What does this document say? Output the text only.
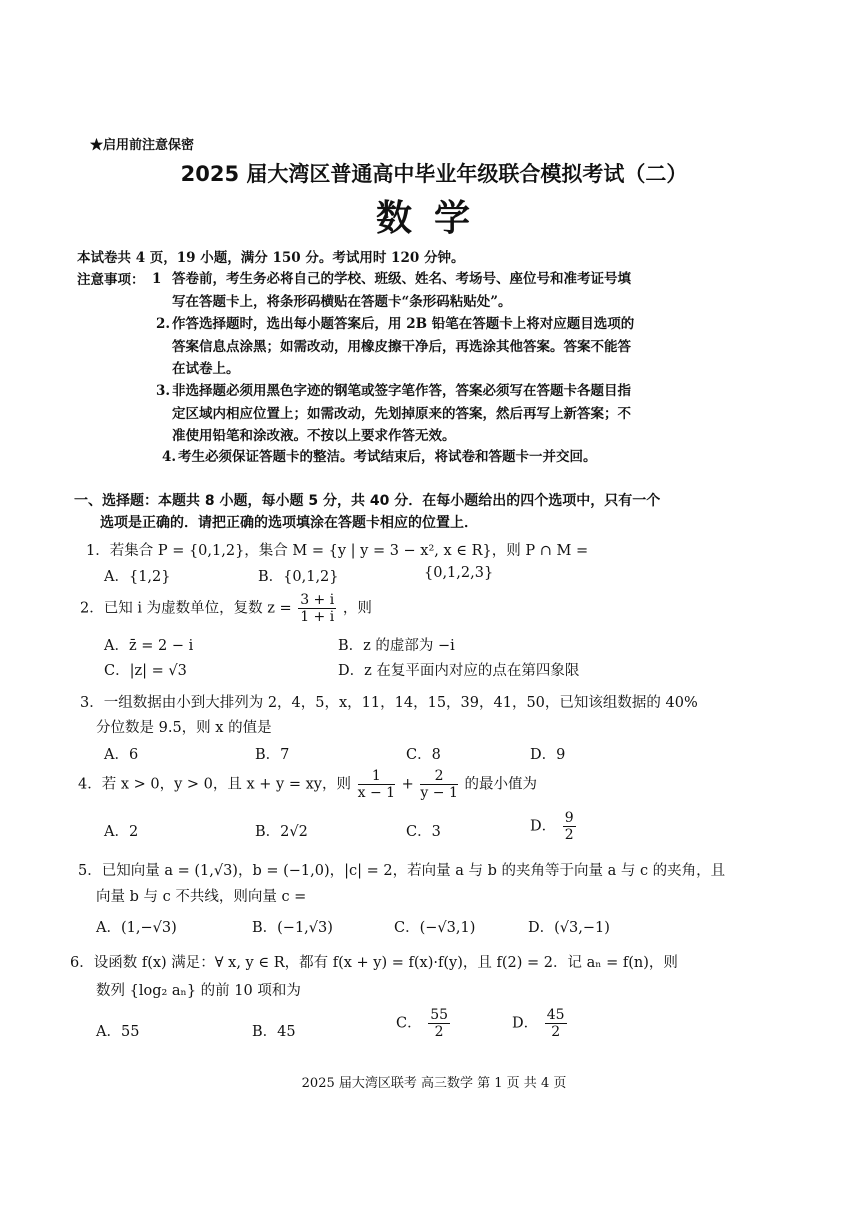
★启用前注意保密
2025 届大湾区普通高中毕业年级联合模拟考试（二）
数学
本试卷共 4 页，19 小题，满分 150 分。考试用时 120 分钟。
注意事项： 1 答卷前，考生务必将自己的学校、班级、姓名、考场号、座位号和准考证号填
写在答题卡上，将条形码横贴在答题卡“条形码粘贴处”。
2. 作答选择题时，选出每小题答案后，用 2B 铅笔在答题卡上将对应题目选项的
答案信息点涂黑；如需改动，用橡皮擦干净后，再选涂其他答案。答案不能答
在试卷上。
3. 非选择题必须用黑色字迹的钢笔或签字笔作答，答案必须写在答题卡各题目指
定区域内相应位置上；如需改动，先划掉原来的答案，然后再写上新答案；不
准使用铅笔和涂改液。不按以上要求作答无效。
4. 考生必须保证答题卡的整洁。考试结束后，将试卷和答题卡一并交回。
一、选择题：本题共 8 小题，每小题 5 分，共 40 分．在每小题给出的四个选项中，只有一个
选项是正确的．请把正确的选项填涂在答题卡相应的位置上．
1．若集合 P = {0,1,2}，集合 M = {y | y = 3 − x², x ∈ R}，则 P ∩ M =
A．{1,2}	B．{0,1,2}	{0,1,2,3}
2．已知 i 为虚数单位，复数 $z = \frac{3 + i}{1 + i}$ ，则
A．z̄ = 2 − i	B．z 的虚部为 −i
C．|z| = √3	D．z 在复平面内对应的点在第四象限
3．一组数据由小到大排列为 2，4，5，x，11，14，15，39，41，50，已知该组数据的 40%
分位数是 9.5，则 x 的值是
A．6	B．7	C．8	D．9
4．若 x > 0，y > 0，且 x + y = xy，则 $\frac{1}{x - 1} + \frac{2}{y - 1}$ 的最小值为
A．2	B．2√2	C．3	D． $\frac{9}{2}$
5．已知向量 a = (1,√3)，b = (−1,0)，|c| = 2，若向量 a 与 b 的夹角等于向量 a 与 c 的夹角，且
向量 b 与 c 不共线，则向量 c =
A．(1,−√3)	B．(−1,√3)	C．(−√3,1)	D．(√3,−1)
6．设函数 f(x) 满足：∀ x, y ∈ R，都有 f(x + y) = f(x)·f(y)，且 f(2) = 2．记 aₙ = f(n)，则
数列 {log₂ aₙ} 的前 10 项和为
A．55	B．45
C． $\frac{55}{2}$	D． $\frac{45}{2}$
2025 届大湾区联考 高三数学 第 1 页 共 4 页
